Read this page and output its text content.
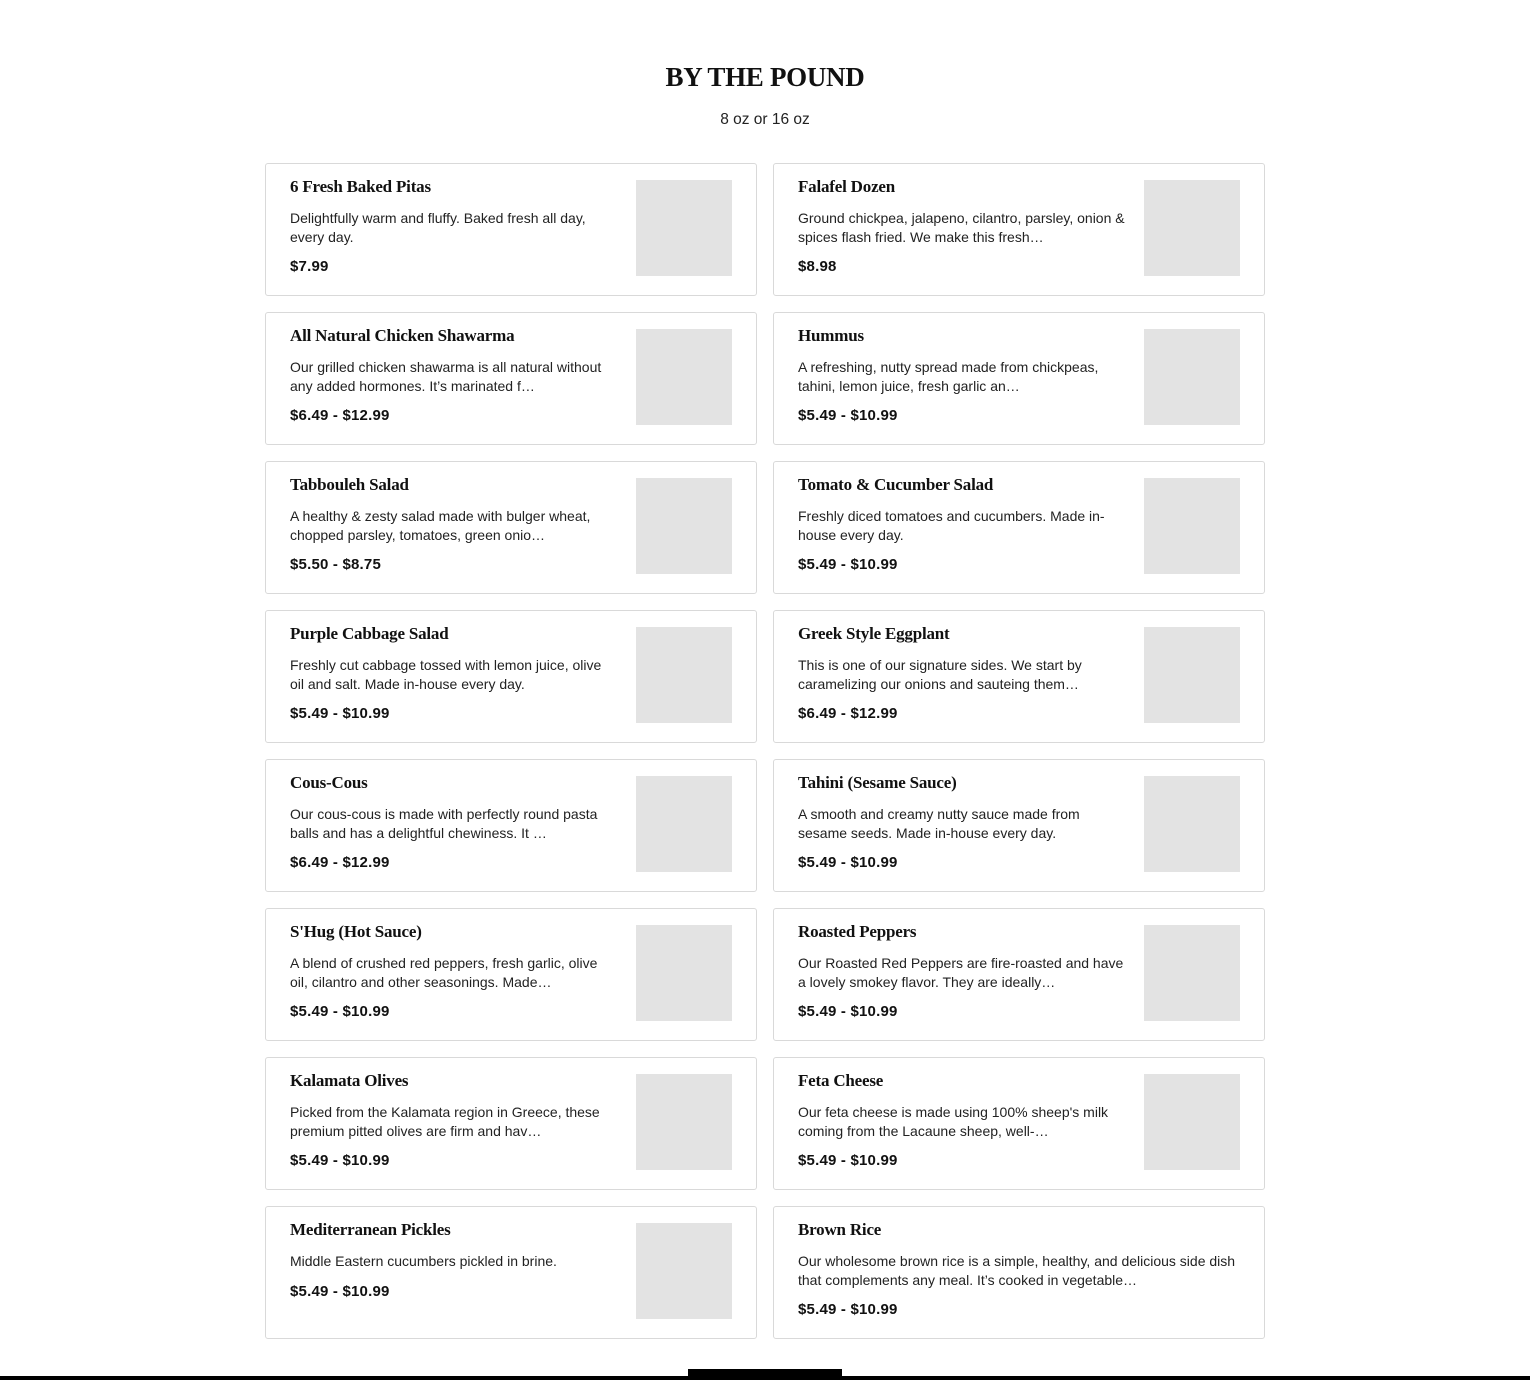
BY THE POUND

8 oz or 16 oz

6 Fresh Baked Pitas
Delightfully warm and fluffy. Baked fresh all day, every day.
$7.99
Falafel Dozen
Ground chickpea, jalapeno, cilantro, parsley, onion & spices flash fried. We make this fresh…
$8.98
All Natural Chicken Shawarma
Our grilled chicken shawarma is all natural without any added hormones. It’s marinated f…
$6.49 - $12.99
Hummus
A refreshing, nutty spread made from chickpeas, tahini, lemon juice, fresh garlic an…
$5.49 - $10.99
Tabbouleh Salad
A healthy & zesty salad made with bulger wheat, chopped parsley, tomatoes, green onio…
$5.50 - $8.75
Tomato & Cucumber Salad
Freshly diced tomatoes and cucumbers. Made in-house every day.
$5.49 - $10.99
Purple Cabbage Salad
Freshly cut cabbage tossed with lemon juice, olive oil and salt. Made in-house every day.
$5.49 - $10.99
Greek Style Eggplant
This is one of our signature sides. We start by caramelizing our onions and sauteing them…
$6.49 - $12.99
Cous-Cous
Our cous-cous is made with perfectly round pasta balls and has a delightful chewiness. It …
$6.49 - $12.99
Tahini (Sesame Sauce)
A smooth and creamy nutty sauce made from sesame seeds. Made in-house every day.
$5.49 - $10.99
S'Hug (Hot Sauce)
A blend of crushed red peppers, fresh garlic, olive oil, cilantro and other seasonings. Made…
$5.49 - $10.99
Roasted Peppers
Our Roasted Red Peppers are fire-roasted and have a lovely smokey flavor. They are ideally…
$5.49 - $10.99
Kalamata Olives
Picked from the Kalamata region in Greece, these premium pitted olives are firm and hav…
$5.49 - $10.99
Feta Cheese
Our feta cheese is made using 100% sheep's milk coming from the Lacaune sheep, well-…
$5.49 - $10.99
Mediterranean Pickles
Middle Eastern cucumbers pickled in brine.
$5.49 - $10.99
Brown Rice
Our wholesome brown rice is a simple, healthy, and delicious side dish that complements any meal. It’s cooked in vegetable…
$5.49 - $10.99
